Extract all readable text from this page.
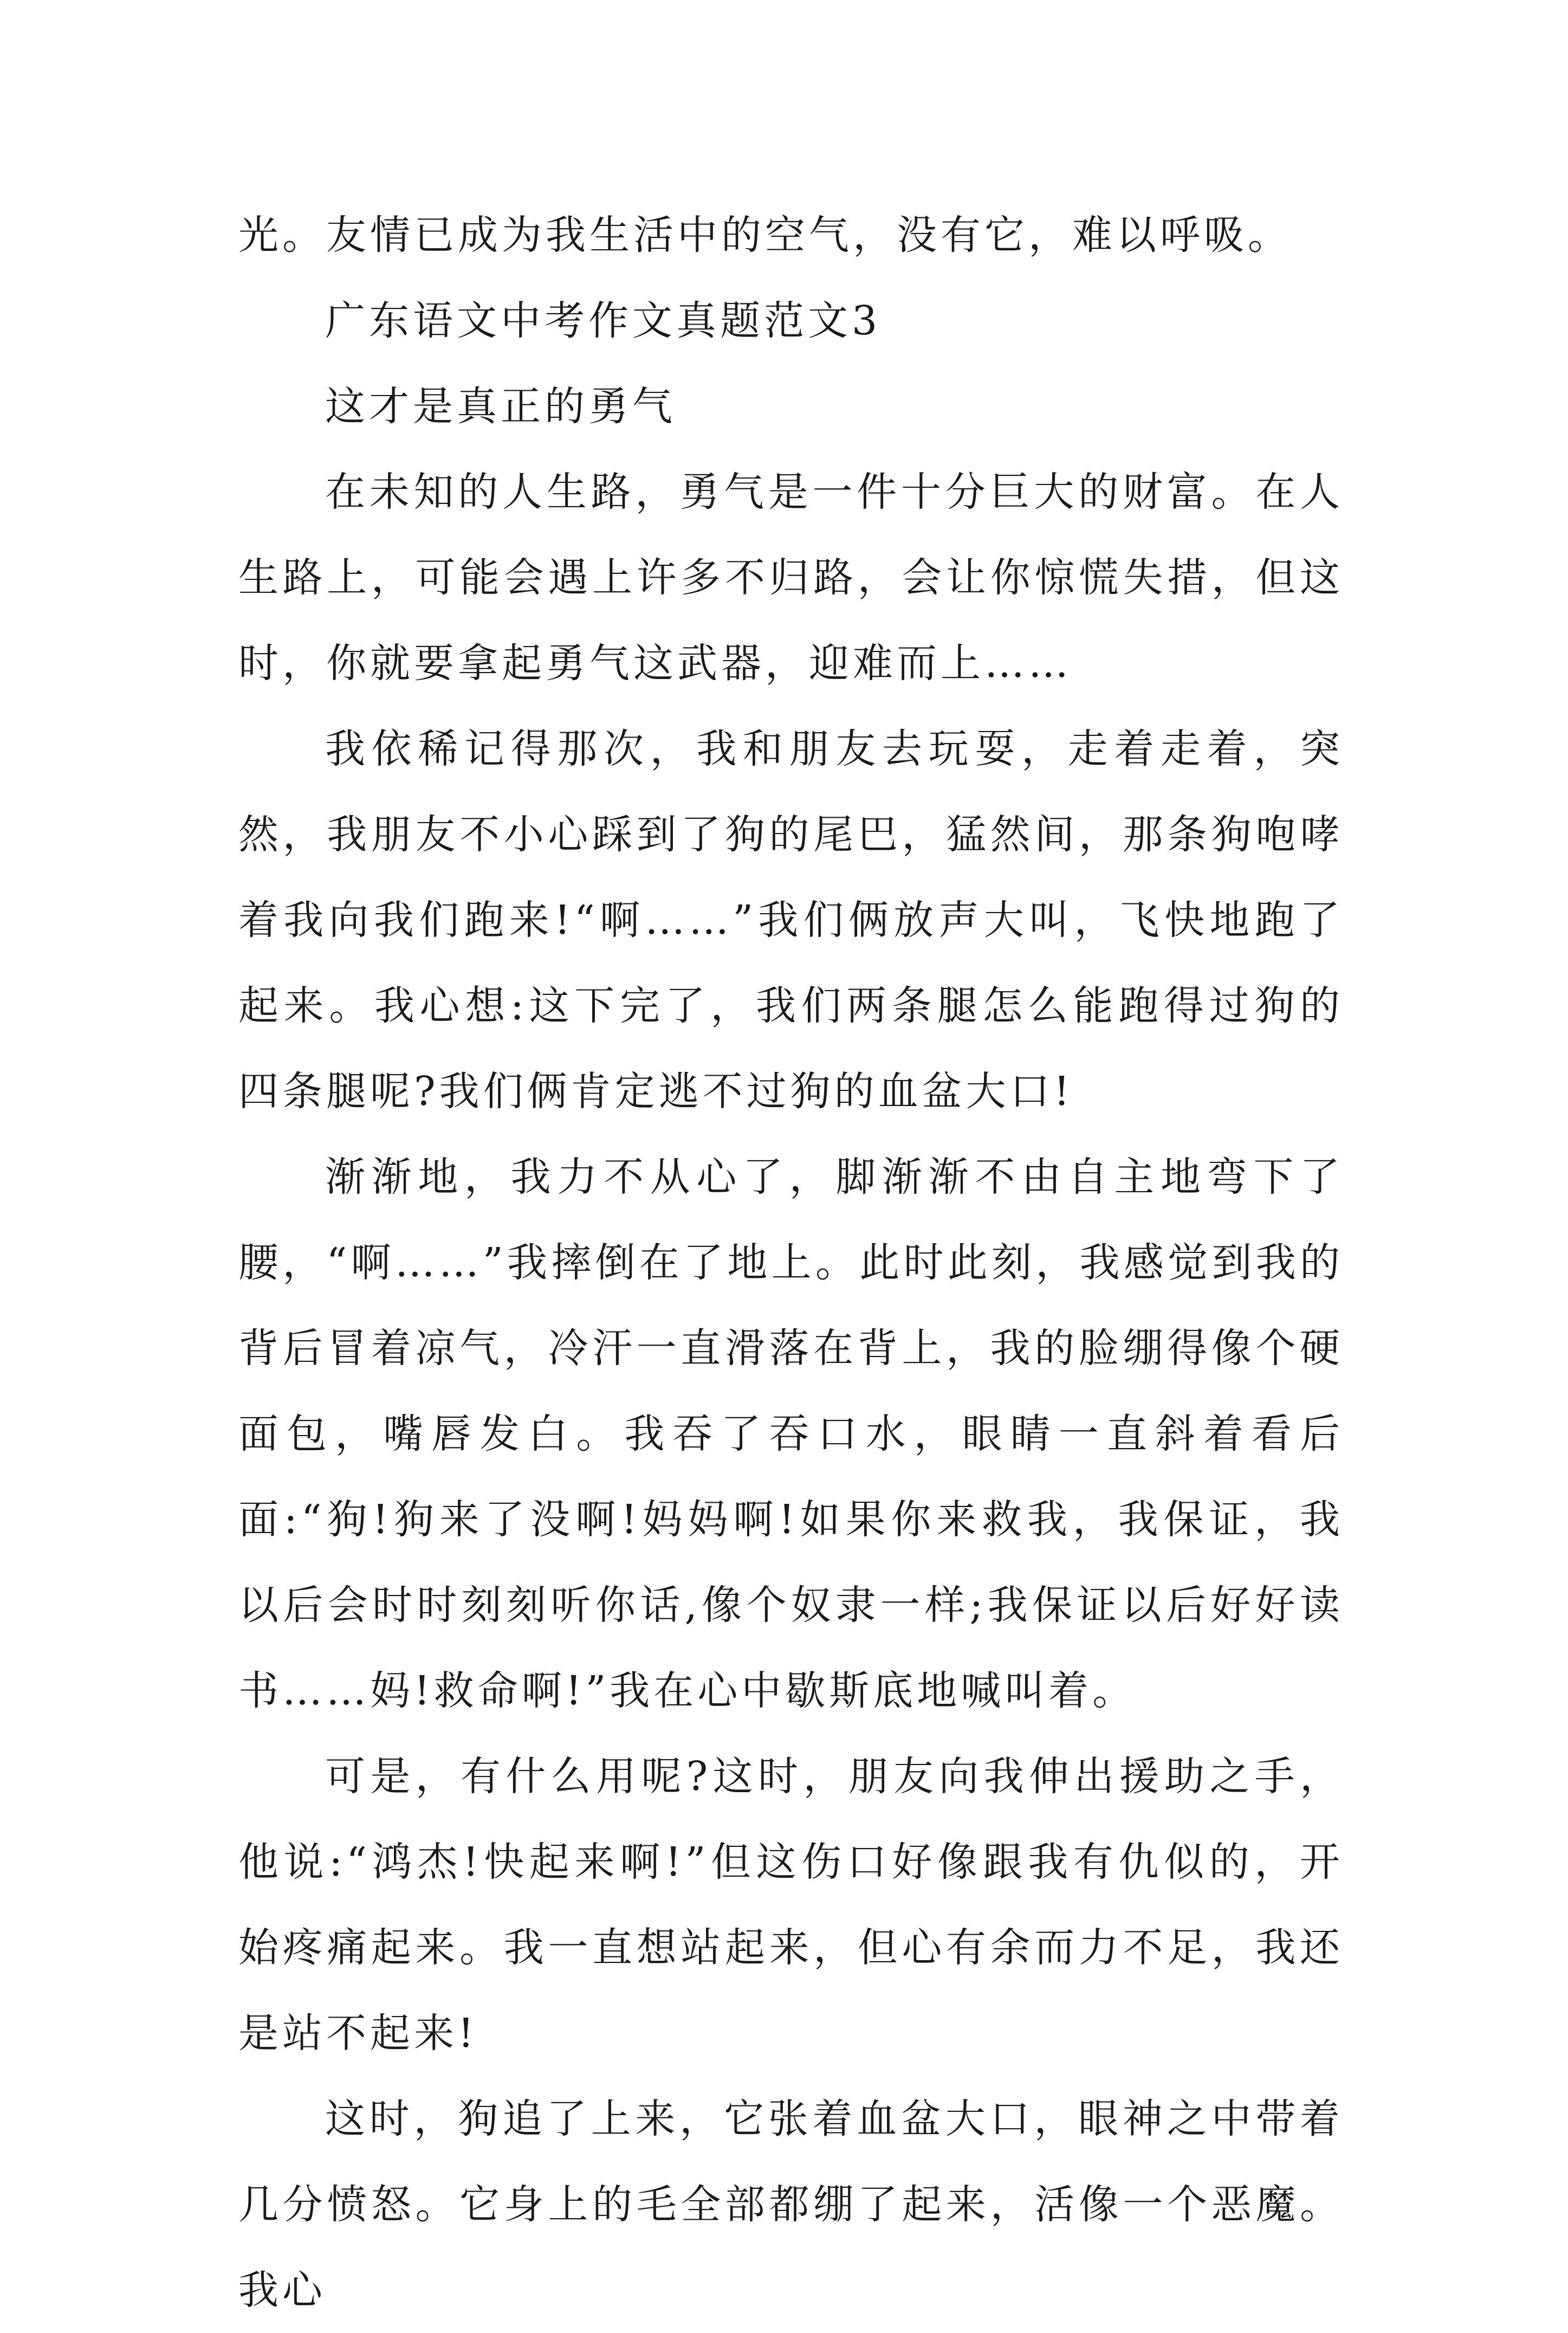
光。友情已成为我生活中的空气，没有它，难以呼吸。

广东语文中考作文真题范文3

这才是真正的勇气

在未知的人生路，勇气是一件十分巨大的财富。在人生路上，可能会遇上许多不归路，会让你惊慌失措，但这时，你就要拿起勇气这武器，迎难而上……

我依稀记得那次，我和朋友去玩耍，走着走着，突然，我朋友不小心踩到了狗的尾巴，猛然间，那条狗咆哮着我向我们跑来!“啊……”我们俩放声大叫，飞快地跑了起来。我心想:这下完了，我们两条腿怎么能跑得过狗的四条腿呢?我们俩肯定逃不过狗的血盆大口!

渐渐地，我力不从心了，脚渐渐不由自主地弯下了腰，“啊……”我摔倒在了地上。此时此刻，我感觉到我的背后冒着凉气，冷汗一直滑落在背上，我的脸绷得像个硬面包，嘴唇发白。我吞了吞口水，眼睛一直斜着看后面:“狗!狗来了没啊!妈妈啊!如果你来救我，我保证，我以后会时时刻刻听你话,像个奴隶一样;我保证以后好好读书……妈!救命啊!”我在心中歇斯底地喊叫着。

可是，有什么用呢?这时，朋友向我伸出援助之手，他说:“鸿杰!快起来啊!”但这伤口好像跟我有仇似的，开始疼痛起来。我一直想站起来，但心有余而力不足，我还是站不起来!

这时，狗追了上来，它张着血盆大口，眼神之中带着几分愤怒。它身上的毛全部都绷了起来，活像一个恶魔。我心
